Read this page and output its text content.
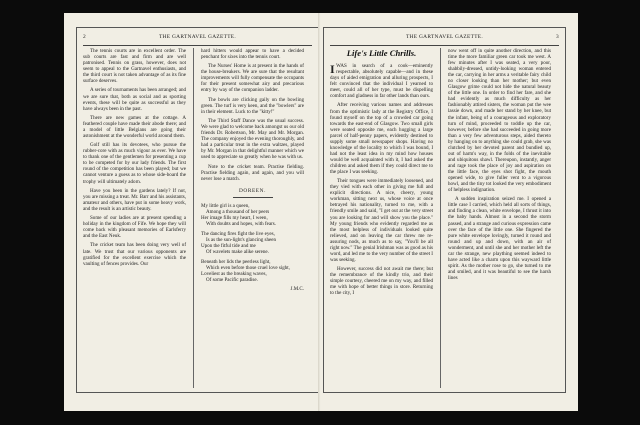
2	THE GARTNAVEL GAZETTE.

The tennis courts are in excellent order. The sub courts are fast and firm and are well patronised. Tennis on grass, however, does not seem to appeal to the Gartnavel enthusiasts, and the third court is not taken advantage of as its fine surface deserves.

A series of tournaments has been arranged; and we are sure that, both as social and as sporting events, these will be quite as successful as they have always been in the past.

There are new games at the cottage. A feathered couple have made their abode there; and a model of little Belgians are going their astonishment at the wonderful world around them.

Golf still has its devotees, who pursue the rubber-core with as much vigour as ever. We have to thank one of the gentlemen for presenting a cup to be competed for by our lady friends. The first round of the competition has been played; but we cannot venture a guess as to whose side-board the trophy will ultimately adorn.

Have you been in the gardens lately? If not, you are missing a treat. Mr. Barr and his assistants, amateur and others, have put in some heavy work, and the result is an artistic beauty.

Some of our ladies are at present spending a holiday in the kingdom of Fife. We hope they will come back with pleasant memories of Earlsferry and the East Neuk.

The cricket team has been doing very well of late. We trust that our various opponents are gratified for the excellent exercise which the vaulting of fences provides. Our

hard hitters would appear to have a decided penchant for sixes into the tennis court.

The Nurses' Home is at present in the hands of the house-breakers. We are sure that the resultant improvements will fully compensate the occupants for their present somewhat airy and precarious entry by way of the companion ladder.

The bowls are clicking gaily on the bowling green. The turf is very keen, and the "bowlers" are in their element. Luck to the "kitty!"

The Third Staff Dance was the usual success. We were glad to welcome back amongst us our old friends Dr. Robertson, Mr. May and Mr. Morgan. The company enjoyed the evening thoroughly, and had a particular treat in the extra waltzes, played by Mr. Morgan in that delightful manner which we used to appreciate so greatly when he was with us.

Note to the cricket team. Practise fielding. Practise fielding again, and again, and you will never lose a match.

DOREEN.
My little girl is a queen,
Among a thousand of her peers
Her image fills my heart, I ween,
With doubts and hopes, with fears.
The dancing fires fight the live eyes,
Is as the sun-light's glancing sheen
Upon the fitful tide and me
Of wavelets make alike serene.
Beneath her lids the peerless light,
Which even before those cruel love sight,
Loveliest as the breaking waves,
Of some Pacific paradise.
J.M.C.
THE GARTNAVEL GAZETTE.	3
Life's Little Chrills.

IWAS in search of a cook—eminently respectable, absolutely capable—and in these days of aided emigration and alluring prospects, I felt convinced that the individual I yearned to meet, could all of her type, must be dispelling comfort and gladness in far other lands than ours.

After receiving various names and addresses from the optimistic lady at the Registry Office, I found myself on the top of a crowded car going towards the east-end of Glasgow. Two small girls were seated opposite me, each hugging a large parcel of half-penny papers, evidently destined to supply some small newspaper shops. Having no knowledge of the locality to which I was bound, I had not the least idea in my mind how houses would be well acquainted with it, I had asked the children and asked them if they could direct me to the place I was seeking.

Their tongues were immediately loosened, and they vied with each other in giving me full and explicit directions. A nice, cheery, young workman, sitting next us, whose voice at once betrayed his nationality, turned to me, with a friendly smile and said, "I get out at the very street you are looking for and will show you the place." My young friends who evidently regarded me as the most helpless of individuals looked quite relieved, and on leaving the car threw me re-assuring nods, as much as to say, "You'll be all right now." The genial Irishman was as good as his word, and led me to the very number of the street I was seeking.

However, success did not await me there; but the remembrance of the kindly trio, and their simple courtesy, cheered me on my way, and filled me with hope of better things in store. Returning to the city, I

now went off in quite another direction, and this time the more familiar green car took me west. A few minutes after I was seated, a very poor, shabbily-dressed, untidy-looking woman entered the car, carrying in her arms a veritable fairy child no closer looking than her mother; but even Glasgow grime could not hide the natural beauty of the little one. In order to find her fare, and she had evidently as much difficulty as her fashionably attired sisters, the woman put the wee lassie down, and made her stand by her knee, but the infant, being of a courageous and exploratory turn of mind, proceeded to toddle up the car, however, before she had succeeded in going more than a very few adventurous steps, aided thereto by hanging on to anything she could grab, she was clutched by her devoted parent and bundled up, out of harm's way, in the folds of the inevitable and ubiquitous shawl. Thereupon, instantly, anger and rage took the place of joy and aspiration on the little face, the eyes shot fight, the mouth opened wide, to give fuller vent to a vigorous howl, and the tiny tot looked the very embodiment of helpless indignation.

A sudden inspiration seized me. I opened a little case I carried, which held all sorts of things, and finding a clean, white envelope, I thrust it into the baby hands. Almost in a second the storm passed, and a strange and curious expression came over the face of the little one. She fingered the pure white envelope lovingly, turned it round and round and up and down, with an air of wonderment, and until she and her mother left the car the strange, new plaything seemed indeed to have acted like a charm upon this wayward little spirit. As the mother rose to go, she turned to me and smiled, and it was beautiful to see the harsh lines
